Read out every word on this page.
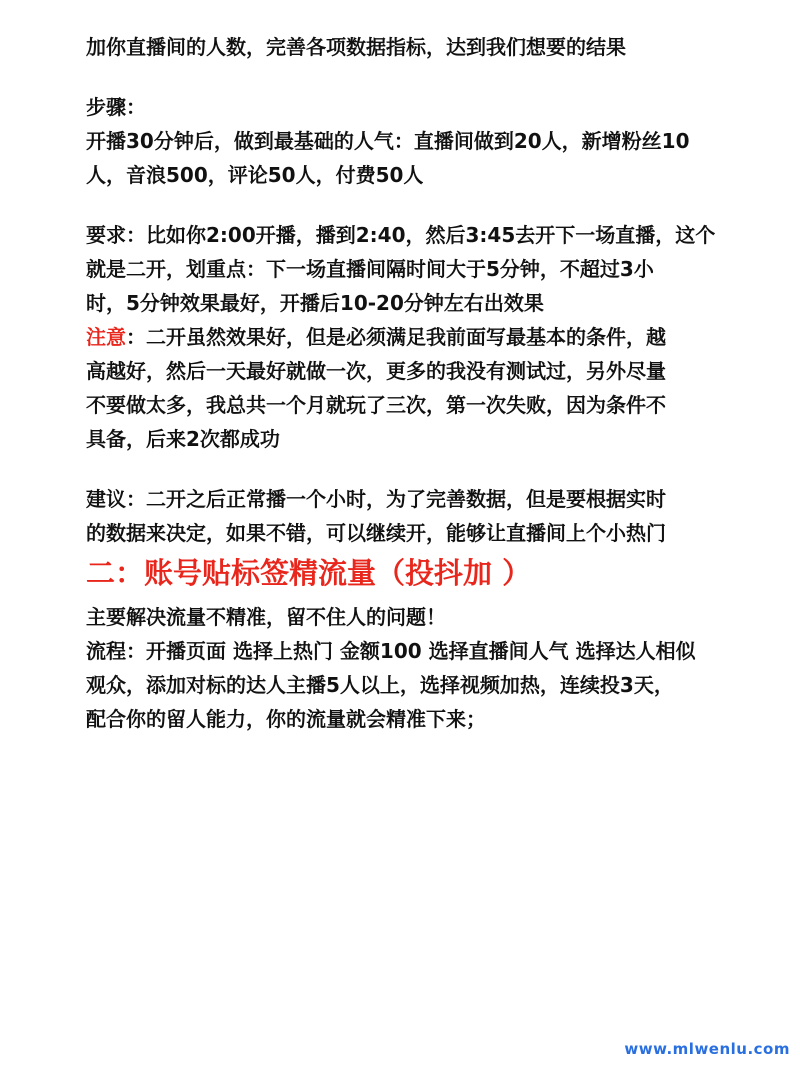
加你直播间的人数，完善各项数据指标，达到我们想要的结果
步骤：
开播30分钟后，做到最基础的人气：直播间做到20人，新增粉丝10
人，音浪500，评论50人，付费50人
要求：比如你2:00开播，播到2:40，然后3:45去开下一场直播，这个
就是二开，划重点：下一场直播间隔时间大于5分钟，不超过3小
时，5分钟效果最好，开播后10-20分钟左右出效果
注意：二开虽然效果好，但是必须满足我前面写最基本的条件，越
高越好，然后一天最好就做一次，更多的我没有测试过，另外尽量
不要做太多，我总共一个月就玩了三次，第一次失败，因为条件不
具备，后来2次都成功
建议：二开之后正常播一个小时，为了完善数据，但是要根据实时
的数据来决定，如果不错，可以继续开，能够让直播间上个小热门
二：账号贴标签精流量（投抖加 ）
主要解决流量不精准，留不住人的问题！
流程：开播页面 选择上热门 金额100 选择直播间人气 选择达人相似
观众，添加对标的达人主播5人以上，选择视频加热，连续投3天，
配合你的留人能力，你的流量就会精准下来；
www.mlwenlu.com
